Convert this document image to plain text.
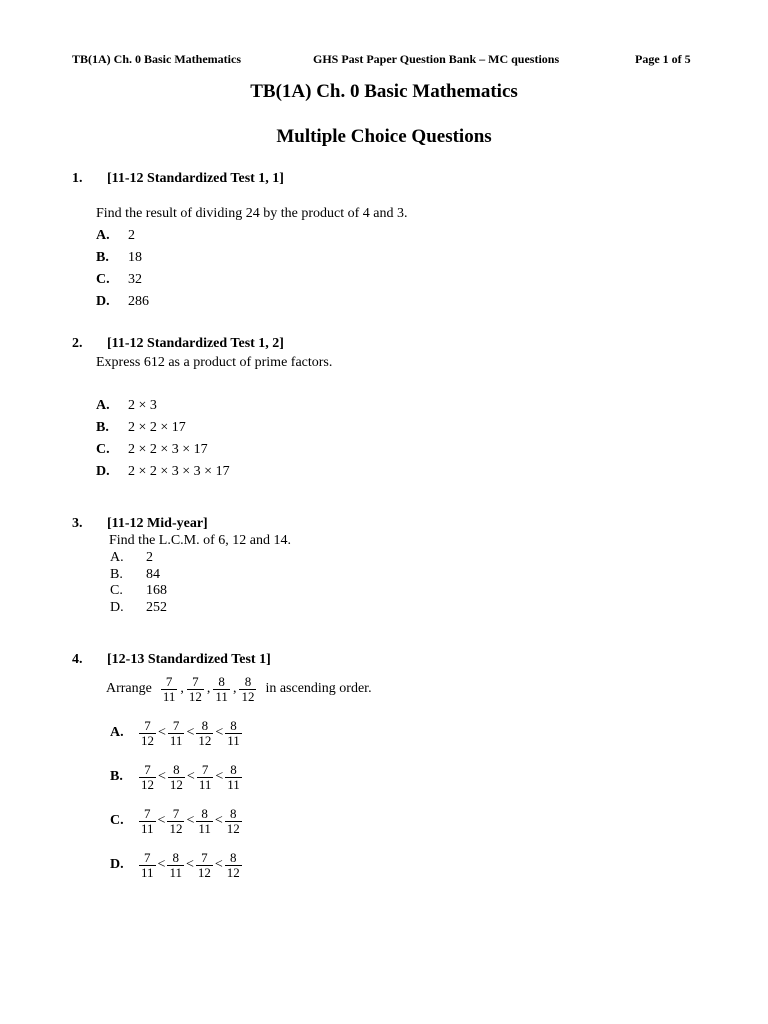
TB(1A) Ch. 0 Basic Mathematics	GHS Past Paper Question Bank – MC questions	Page 1 of 5
TB(1A) Ch. 0 Basic Mathematics
Multiple Choice Questions
1. [11-12 Standardized Test 1, 1]
Find the result of dividing 24 by the product of 4 and 3.
A. 2
B. 18
C. 32
D. 286
2. [11-12 Standardized Test 1, 2]
Express 612 as a product of prime factors.
A. 2 × 3
B. 2 × 2 × 17
C. 2 × 2 × 3 × 17
D. 2 × 2 × 3 × 3 × 17
3. [11-12 Mid-year]
Find the L.C.M. of 6, 12 and 14.
A. 2
B. 84
C. 168
D. 252
4. [12-13 Standardized Test 1]
Arrange $\frac{7}{11}$ , $\frac{7}{12}$ , $\frac{8}{11}$ , $\frac{8}{12}$ in ascending order.
A.	$\frac{7}{12} < \frac{7}{11} < \frac{8}{12} < \frac{8}{11}$
B.	$\frac{7}{12} < \frac{8}{12} < \frac{7}{11} < \frac{8}{11}$
C.	$\frac{7}{11} < \frac{7}{12} < \frac{8}{11} < \frac{8}{12}$
D.	$\frac{7}{11} < \frac{8}{11} < \frac{7}{12} < \frac{8}{12}$
